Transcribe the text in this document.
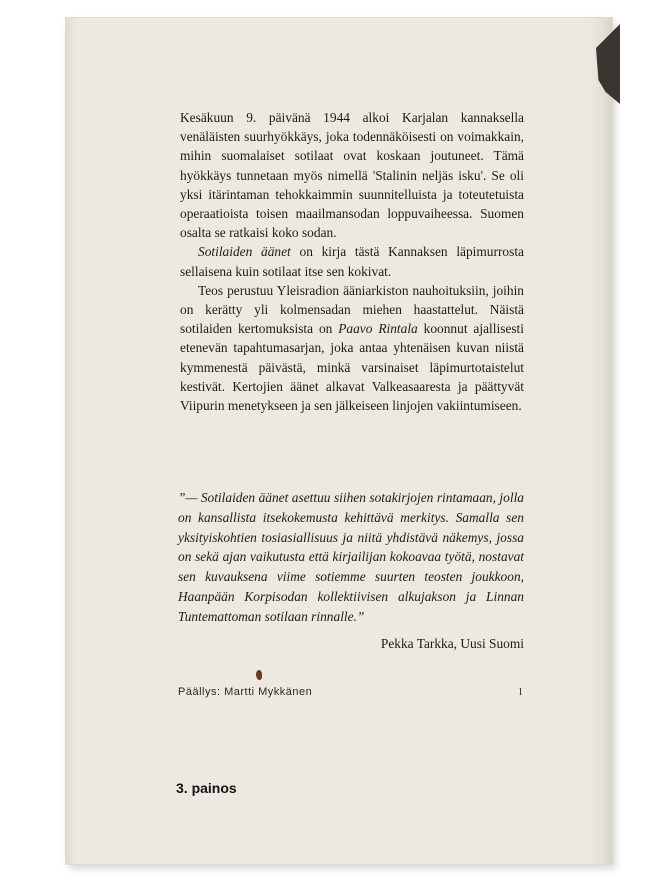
Kesäkuun 9. päivänä 1944 alkoi Karjalan kannaksella venäläisten suurhyökkäys, joka todennäköisesti on voimakkain, mihin suomalaiset sotilaat ovat koskaan joutuneet. Tämä hyökkäys tunnetaan myös nimellä 'Stalinin neljäs isku'. Se oli yksi itärintaman tehokkaimmin suunnitelluista ja toteutetuista operaatioista toisen maailmansodan loppuvaiheessa. Suomen osalta se ratkaisi koko sodan.

Sotilaiden äänet on kirja tästä Kannaksen läpimurrosta sellaisena kuin sotilaat itse sen kokivat.

Teos perustuu Yleisradion ääniarkiston nauhoituksiin, joihin on kerätty yli kolmensadan miehen haastattelut. Näistä sotilaiden kertomuksista on Paavo Rintala koonnut ajallisesti etenevän tapahtumasarjan, joka antaa yhtenäisen kuvan niistä kymmenestä päivästä, minkä varsinaiset läpimurtotaistelut kestivät. Kertojien äänet alkavat Valkeasaaresta ja päättyvät Viipurin menetykseen ja sen jälkeiseen linjojen vakiintumiseen.

”— Sotilaiden äänet asettuu siihen sotakirjojen rintamaan, jolla on kansallista itsekokemusta kehittävä merkitys. Samalla sen yksityiskohtien tosiasiallisuus ja niitä yhdistävä näkemys, jossa on sekä ajan vaikutusta että kirjailijan kokoavaa työtä, nostavat sen kuvauksena viime sotiemme suurten teosten joukkoon, Haanpään Korpisodan kollektiivisen alkujakson ja Linnan Tuntemattoman sotilaan rinnalle.”
Pekka Tarkka, Uusi Suomi
Päällys: Martti Mykkänen	l
3. painos
